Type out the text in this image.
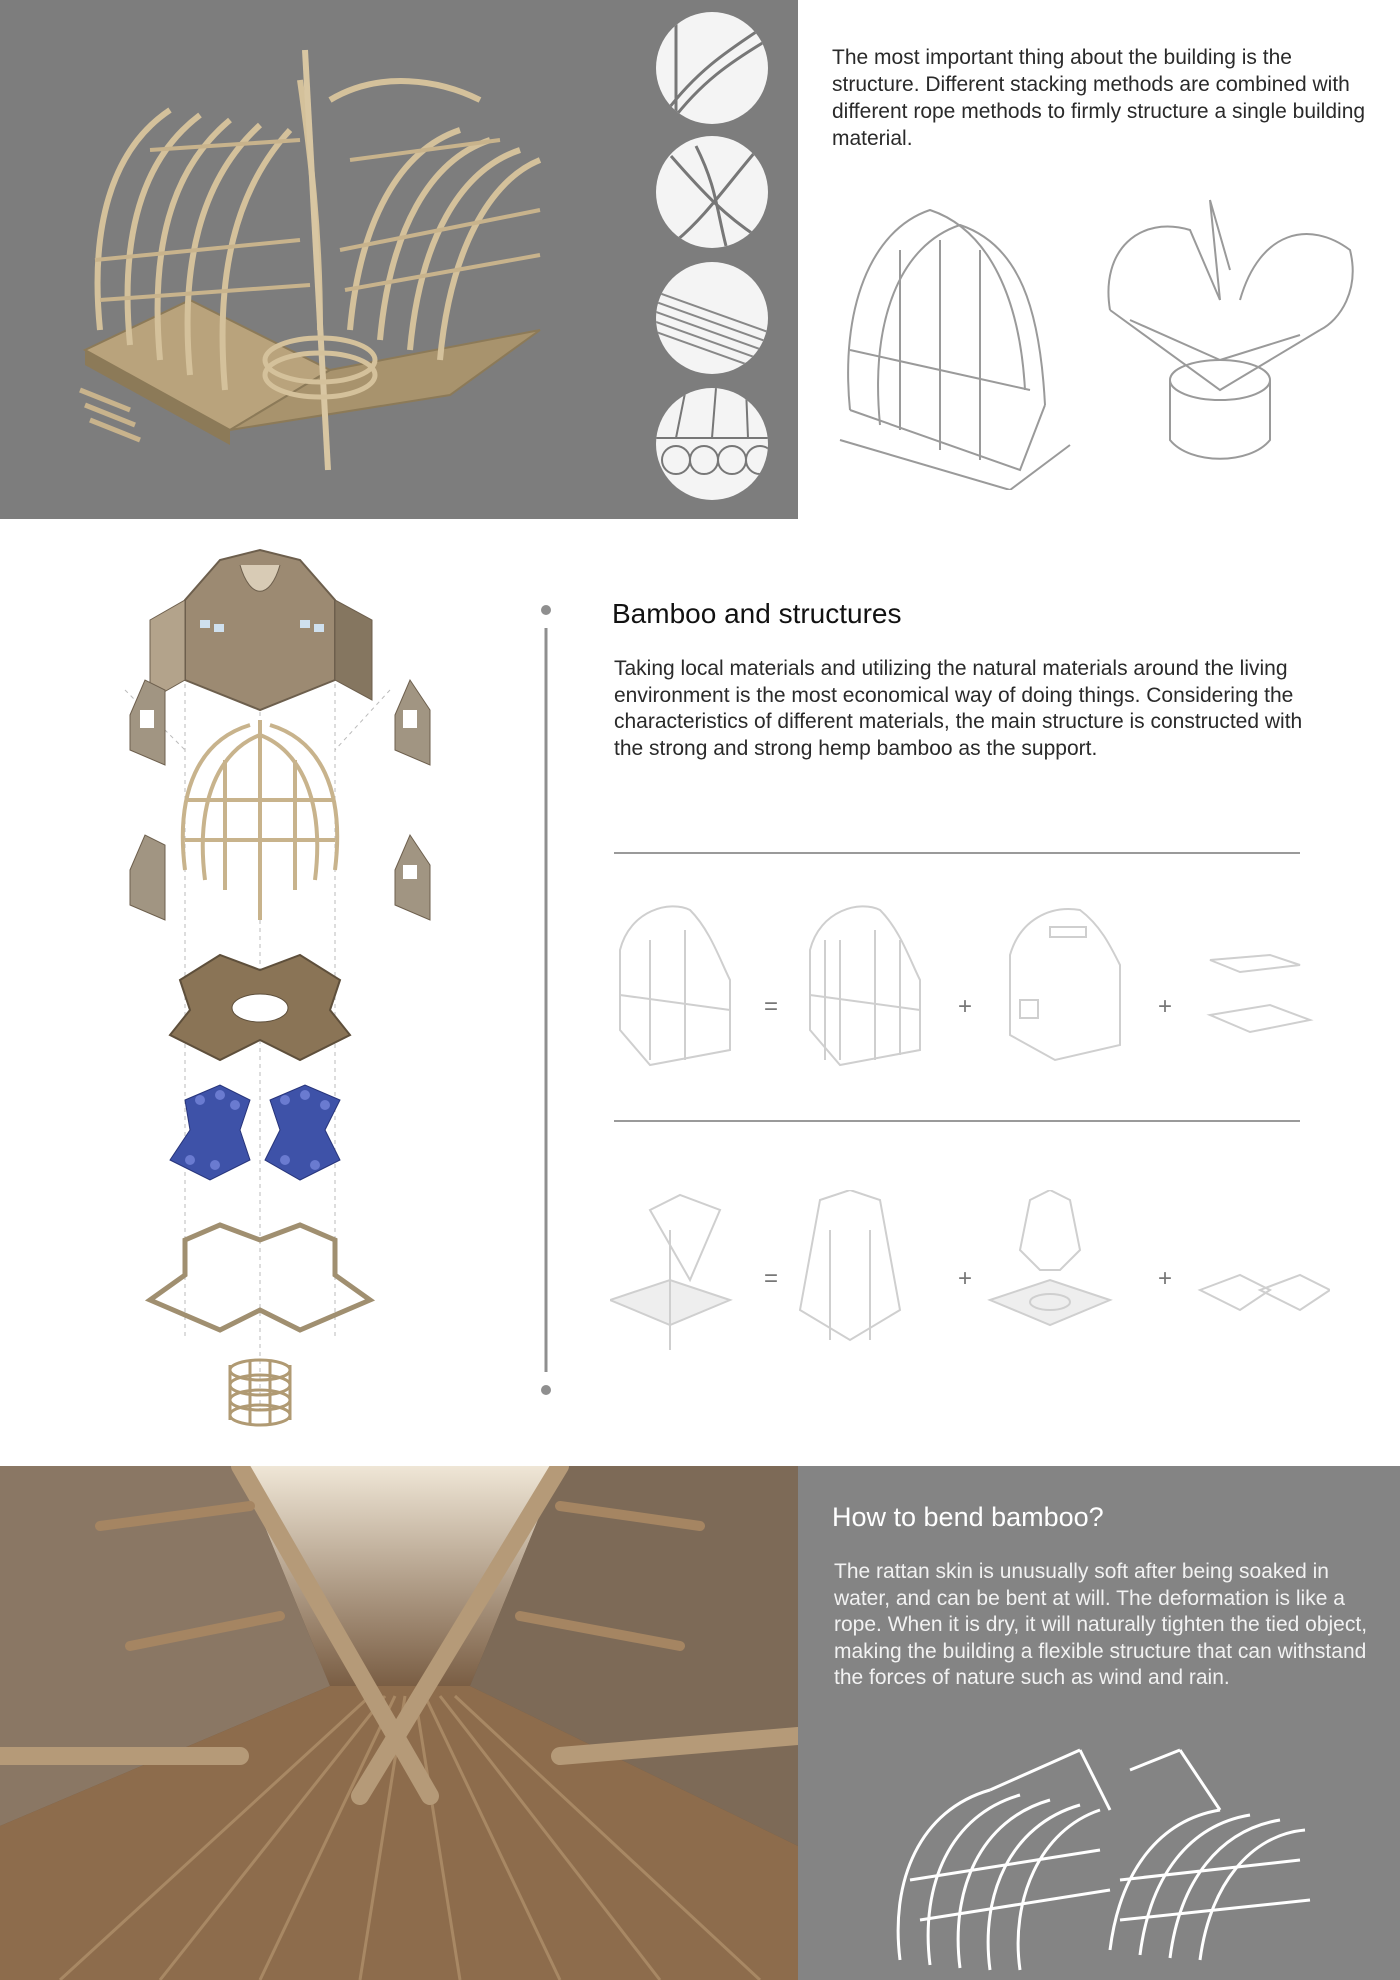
The most important thing about the building is the structure. Different stacking methods are combined with different rope methods to firmly structure a single building material.

Bamboo and structures

Taking local materials and utilizing the natural materials around the living environment is the most economical way of doing things. Considering the characteristics of different materials, the main structure is constructed with the strong and strong hemp bamboo as the support.

=	+	+
=	+	+
How to bend bamboo?

The rattan skin is unusually soft after being soaked in water, and can be bent at will. The deformation is like a rope. When it is dry, it will naturally tighten the tied object, making the building a flexible structure that can withstand the forces of nature such as wind and rain.
